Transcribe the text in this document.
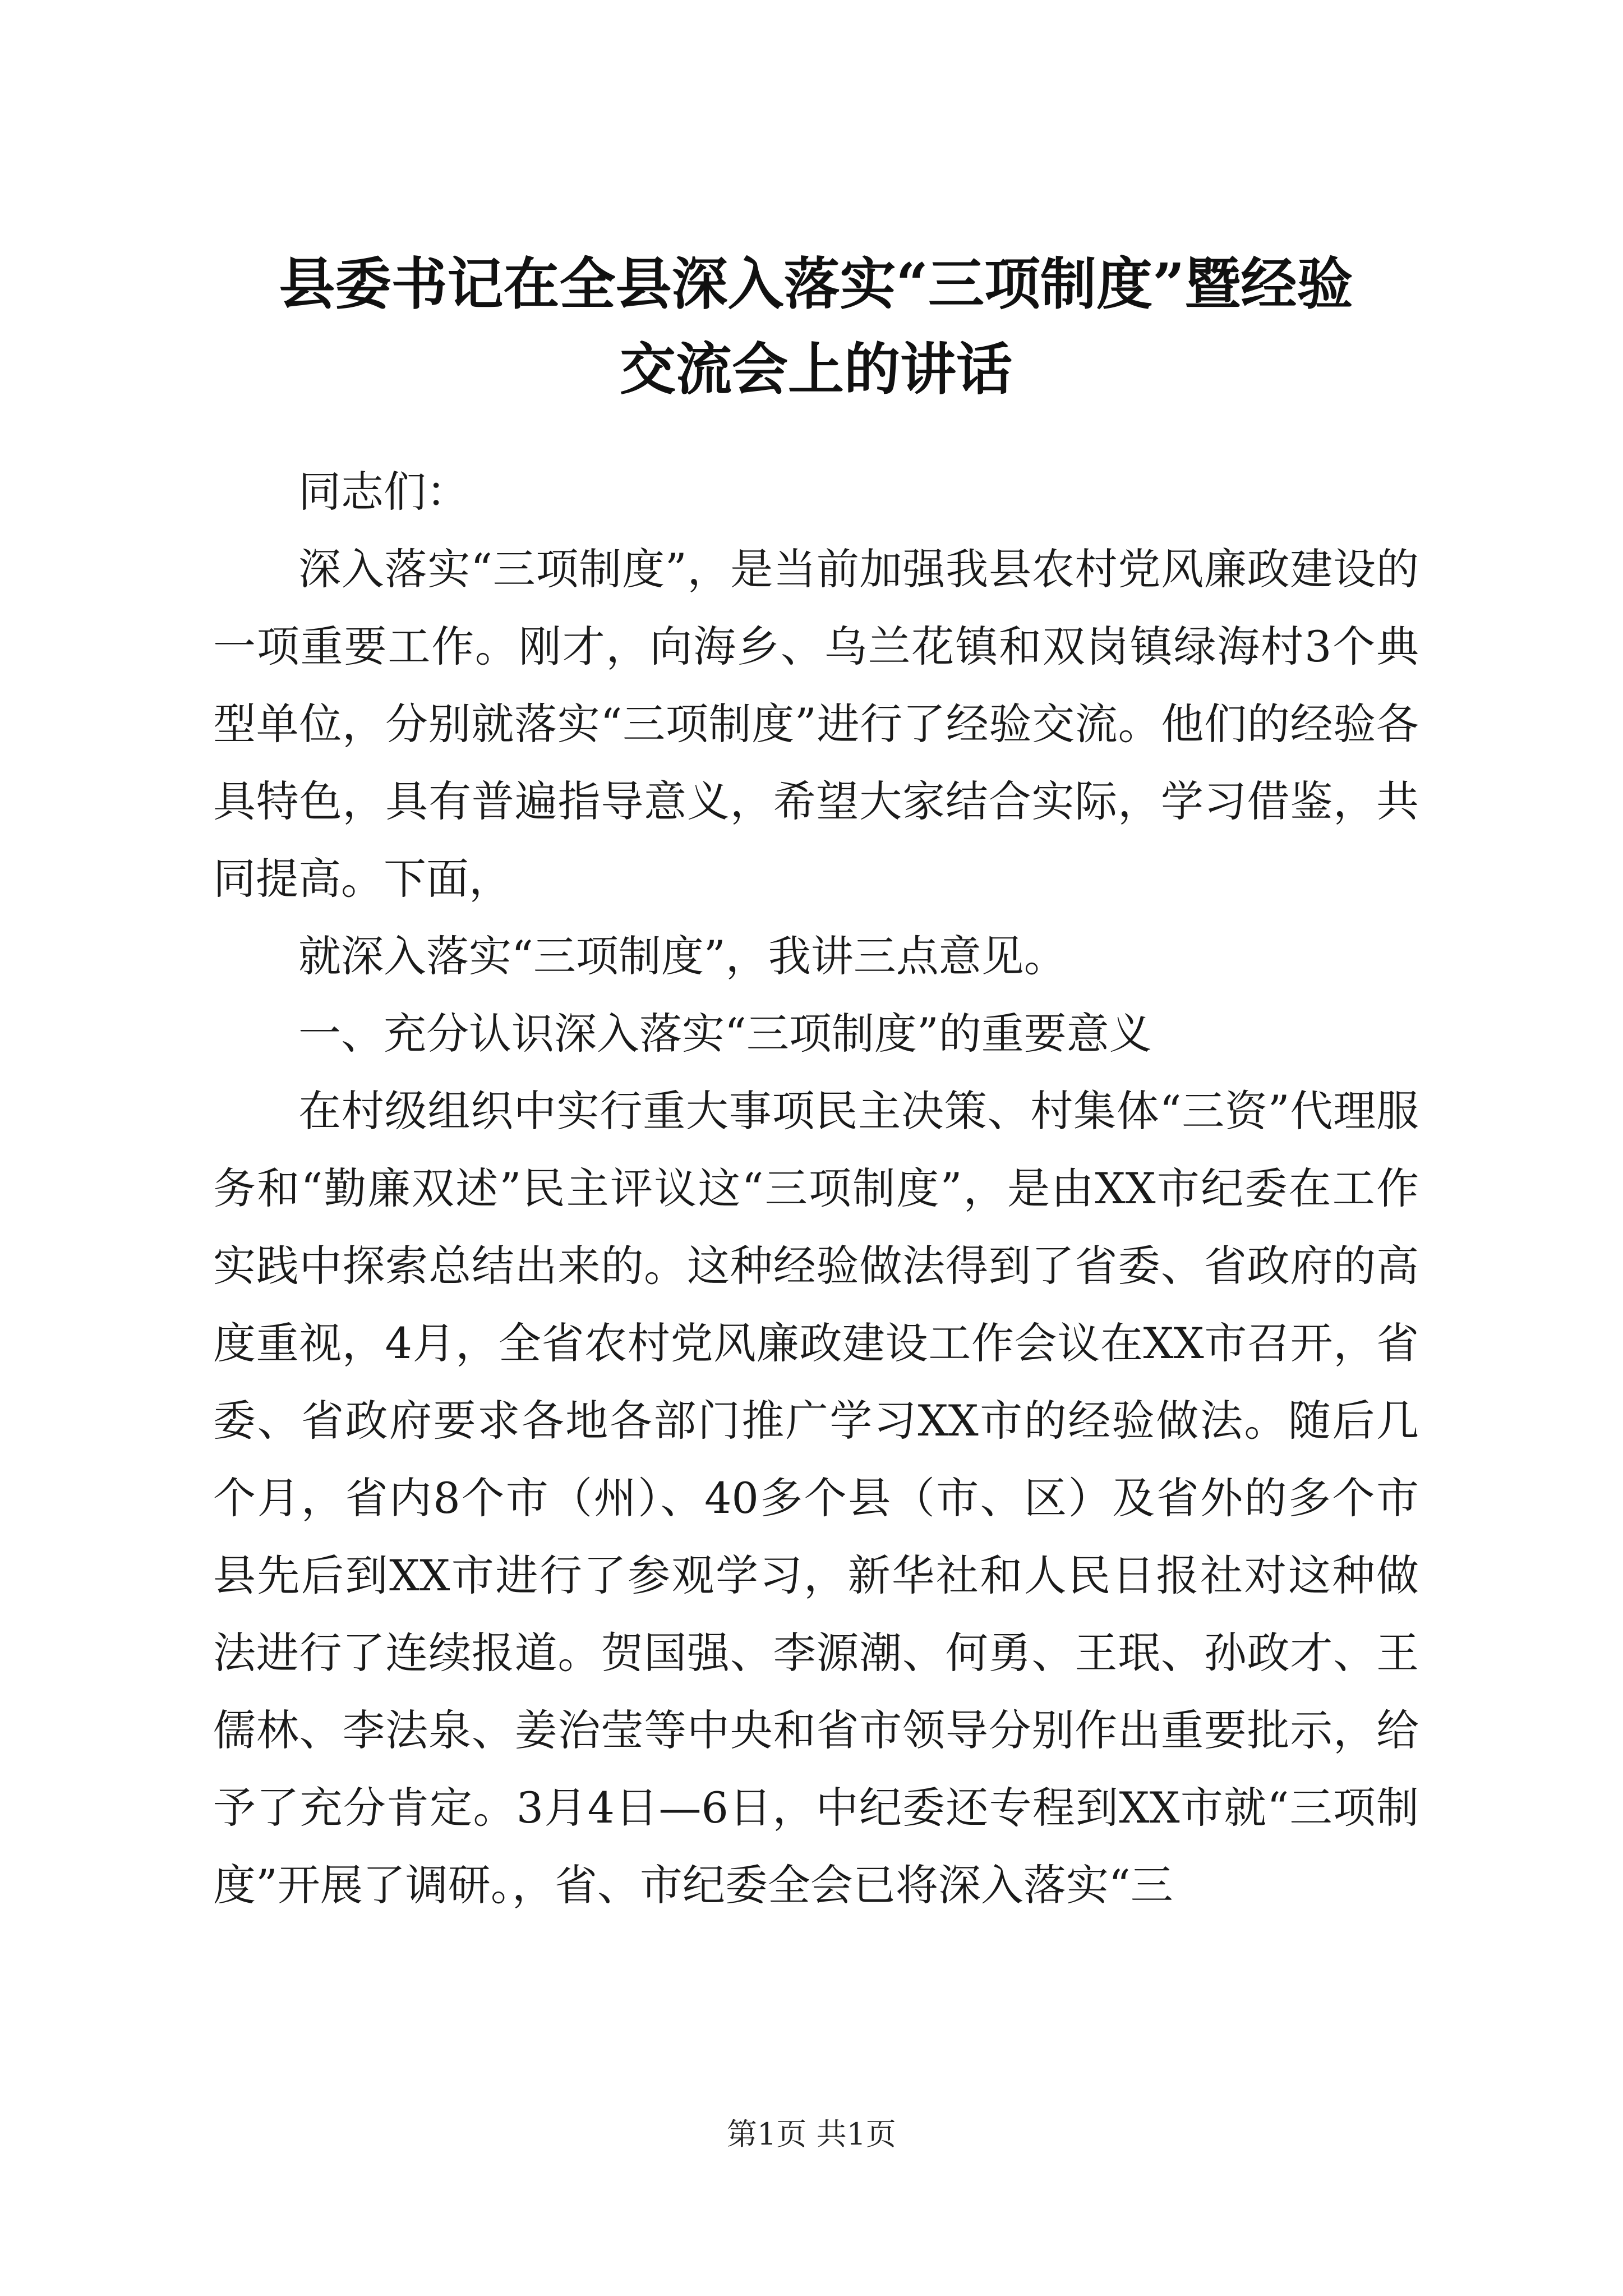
县委书记在全县深入落实“三项制度”暨经验
交流会上的讲话

同志们：

深入落实“三项制度”，是当前加强我县农村党风廉政建设的一项重要工作。刚才，向海乡、乌兰花镇和双岗镇绿海村3个典型单位，分别就落实“三项制度”进行了经验交流。他们的经验各具特色，具有普遍指导意义，希望大家结合实际，学习借鉴，共同提高。下面，

就深入落实“三项制度”，我讲三点意见。

一、充分认识深入落实“三项制度”的重要意义

在村级组织中实行重大事项民主决策、村集体“三资”代理服务和“勤廉双述”民主评议这“三项制度”，是由XX市纪委在工作实践中探索总结出来的。这种经验做法得到了省委、省政府的高度重视，4月，全省农村党风廉政建设工作会议在XX市召开，省委、省政府要求各地各部门推广学习XX市的经验做法。随后几个月，省内8个市（州）、40多个县（市、区）及省外的多个市县先后到XX市进行了参观学习，新华社和人民日报社对这种做法进行了连续报道。贺国强、李源潮、何勇、王珉、孙政才、王儒林、李法泉、姜治莹等中央和省市领导分别作出重要批示，给予了充分肯定。3月4日—6日，中纪委还专程到XX市就“三项制度”开展了调研。，省、市纪委全会已将深入落实“三

第1页 共1页
